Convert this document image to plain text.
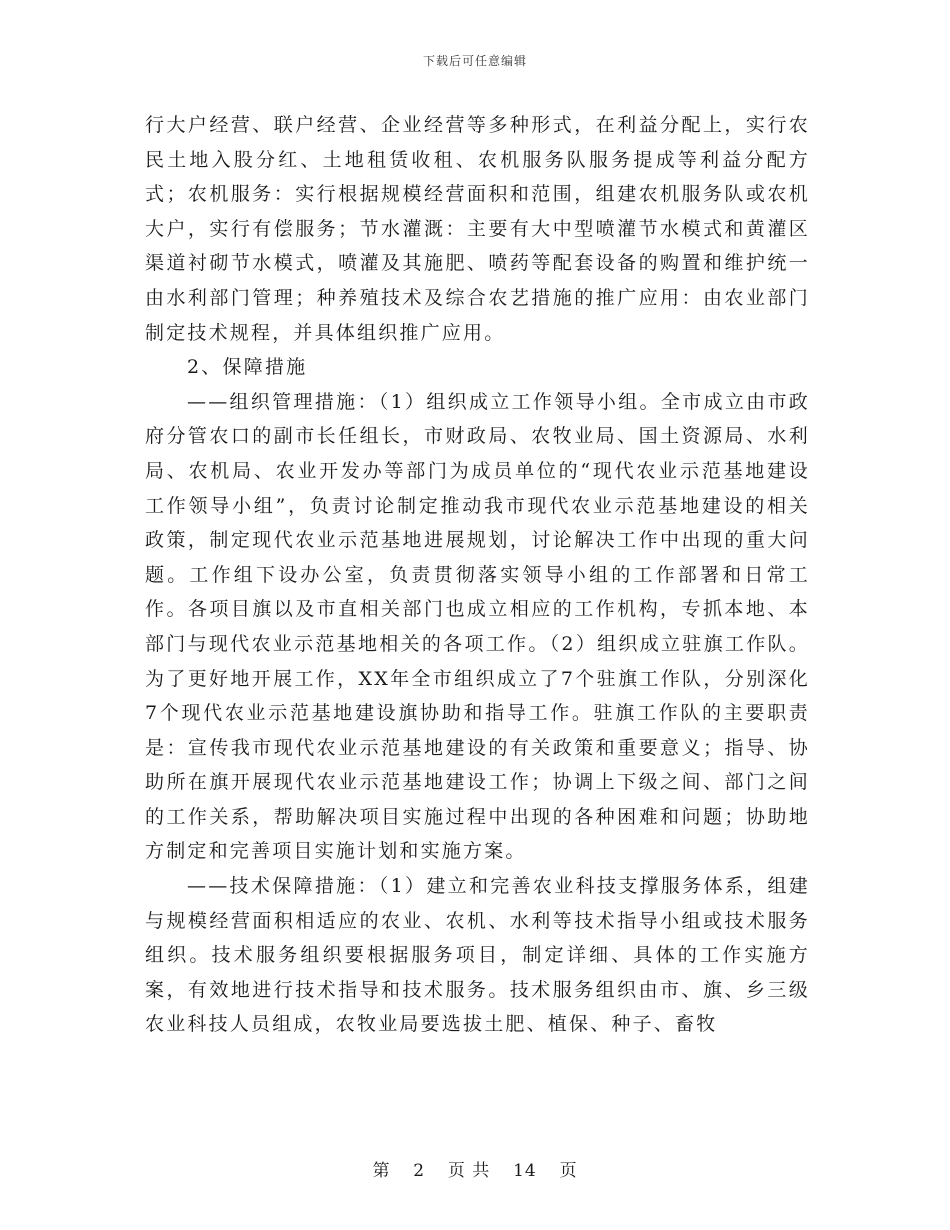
下载后可任意编辑

行大户经营、联户经营、企业经营等多种形式，在利益分配上，实行农民土地入股分红、土地租赁收租、农机服务队服务提成等利益分配方式；农机服务：实行根据规模经营面积和范围，组建农机服务队或农机大户，实行有偿服务；节水灌溉：主要有大中型喷灌节水模式和黄灌区渠道衬砌节水模式，喷灌及其施肥、喷药等配套设备的购置和维护统一由水利部门管理；种养殖技术及综合农艺措施的推广应用：由农业部门制定技术规程，并具体组织推广应用。

2、保障措施

——组织管理措施：（1）组织成立工作领导小组。全市成立由市政府分管农口的副市长任组长，市财政局、农牧业局、国土资源局、水利局、农机局、农业开发办等部门为成员单位的“现代农业示范基地建设工作领导小组”，负责讨论制定推动我市现代农业示范基地建设的相关政策，制定现代农业示范基地进展规划，讨论解决工作中出现的重大问题。工作组下设办公室，负责贯彻落实领导小组的工作部署和日常工作。各项目旗以及市直相关部门也成立相应的工作机构，专抓本地、本部门与现代农业示范基地相关的各项工作。（2）组织成立驻旗工作队。为了更好地开展工作，XX年全市组织成立了7个驻旗工作队，分别深化7个现代农业示范基地建设旗协助和指导工作。驻旗工作队的主要职责是：宣传我市现代农业示范基地建设的有关政策和重要意义；指导、协助所在旗开展现代农业示范基地建设工作；协调上下级之间、部门之间的工作关系，帮助解决项目实施过程中出现的各种困难和问题；协助地方制定和完善项目实施计划和实施方案。

——技术保障措施：（1）建立和完善农业科技支撑服务体系，组建与规模经营面积相适应的农业、农机、水利等技术指导小组或技术服务组织。技术服务组织要根据服务项目，制定详细、具体的工作实施方案，有效地进行技术指导和技术服务。技术服务组织由市、旗、乡三级农业科技人员组成，农牧业局要选拔土肥、植保、种子、畜牧

第 2 页 共 14 页
